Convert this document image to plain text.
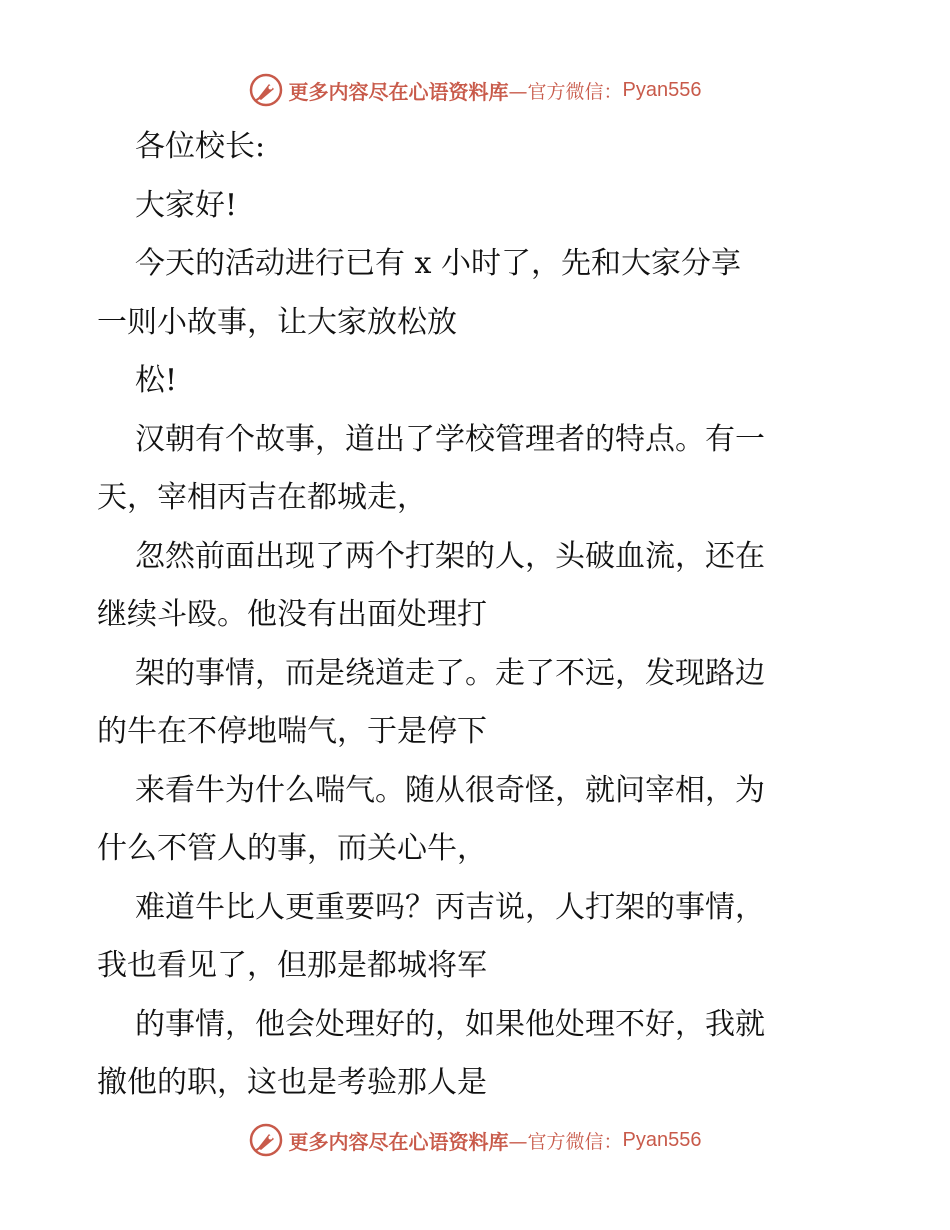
更多内容尽在心语资料库 —官方微信： Pyan556
各位校长:
大家好!
今天的活动进行已有 x 小时了，先和大家分享
一则小故事，让大家放松放
松!
汉朝有个故事，道出了学校管理者的特点。有一
天，宰相丙吉在都城走，
忽然前面出现了两个打架的人，头破血流，还在
继续斗殴。他没有出面处理打
架的事情，而是绕道走了。走了不远，发现路边
的牛在不停地喘气，于是停下
来看牛为什么喘气。随从很奇怪，就问宰相，为
什么不管人的事，而关心牛，
难道牛比人更重要吗？丙吉说，人打架的事情，
我也看见了，但那是都城将军
的事情，他会处理好的，如果他处理不好，我就
撤他的职，这也是考验那人是
更多内容尽在心语资料库 —官方微信： Pyan556
